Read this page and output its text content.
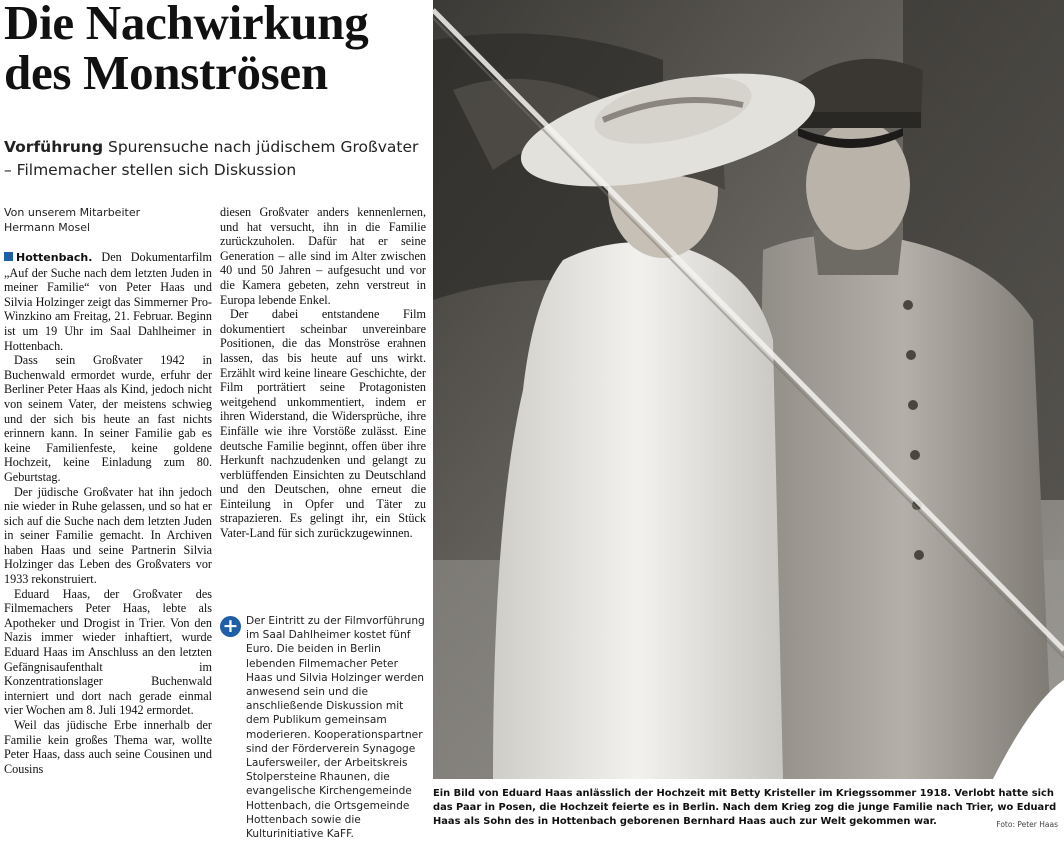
Die Nachwirkung
des Monströsen
Vorführung Spurensuche nach jüdischem Großvater – Filmemacher stellen sich Diskussion
Von unserem Mitarbeiter
Hermann Mosel

Hottenbach. Den Dokumentarfilm „Auf der Suche nach dem letzten Juden in meiner Familie“ von Peter Haas und Silvia Holzinger zeigt das Simmerner Pro-Winzkino am Freitag, 21. Februar. Beginn ist um 19 Uhr im Saal Dahlheimer in Hottenbach.

Dass sein Großvater 1942 in Buchenwald ermordet wurde, erfuhr der Berliner Peter Haas als Kind, jedoch nicht von seinem Vater, der meistens schwieg und der sich bis heute an fast nichts erinnern kann. In seiner Familie gab es keine Familienfeste, keine goldene Hochzeit, keine Einladung zum 80. Geburtstag.

Der jüdische Großvater hat ihn jedoch nie wieder in Ruhe gelassen, und so hat er sich auf die Suche nach dem letzten Juden in seiner Familie gemacht. In Archiven haben Haas und seine Partnerin Silvia Holzinger das Leben des Großvaters vor 1933 rekonstruiert.

Eduard Haas, der Großvater des Filmemachers Peter Haas, lebte als Apotheker und Drogist in Trier. Von den Nazis immer wieder inhaftiert, wurde Eduard Haas im Anschluss an den letzten Gefängnisaufenthalt im Konzentrationslager Buchenwald interniert und dort nach gerade einmal vier Wochen am 8. Juli 1942 ermordet.

Weil das jüdische Erbe innerhalb der Familie kein großes Thema war, wollte Peter Haas, dass auch seine Cousinen und Cousins

diesen Großvater anders kennenlernen, und hat versucht, ihn in die Familie zurückzuholen. Dafür hat er seine Generation – alle sind im Alter zwischen 40 und 50 Jahren – aufgesucht und vor die Kamera gebeten, zehn verstreut in Europa lebende Enkel.

Der dabei entstandene Film dokumentiert scheinbar unvereinbare Positionen, die das Monströse erahnen lassen, das bis heute auf uns wirkt. Erzählt wird keine lineare Geschichte, der Film porträtiert seine Protagonisten weitgehend unkommentiert, indem er ihren Widerstand, die Widersprüche, ihre Einfälle wie ihre Vorstöße zulässt. Eine deutsche Familie beginnt, offen über ihre Herkunft nachzudenken und gelangt zu verblüffenden Einsichten zu Deutschland und den Deutschen, ohne erneut die Einteilung in Opfer und Täter zu strapazieren. Es gelingt ihr, ein Stück Vater-Land für sich zurückzugewinnen.

+ Der Eintritt zu der Filmvorführung im Saal Dahlheimer kostet fünf Euro. Die beiden in Berlin lebenden Filmemacher Peter Haas und Silvia Holzinger werden anwesend sein und die anschließende Diskussion mit dem Publikum gemeinsam moderieren. Kooperationspartner sind der Förderverein Synagoge Laufersweiler, der Arbeitskreis Stolpersteine Rhaunen, die evangelische Kirchengemeinde Hottenbach, die Ortsgemeinde Hottenbach sowie die Kulturinitiative KaFF.
Ein Bild von Eduard Haas anlässlich der Hochzeit mit Betty Kristeller im Kriegssommer 1918. Verlobt hatte sich das Paar in Posen, die Hochzeit feierte es in Berlin. Nach dem Krieg zog die junge Familie nach Trier, wo Eduard Haas als Sohn des in Hottenbach geborenen Bernhard Haas auch zur Welt gekommen war.	Foto: Peter Haas
